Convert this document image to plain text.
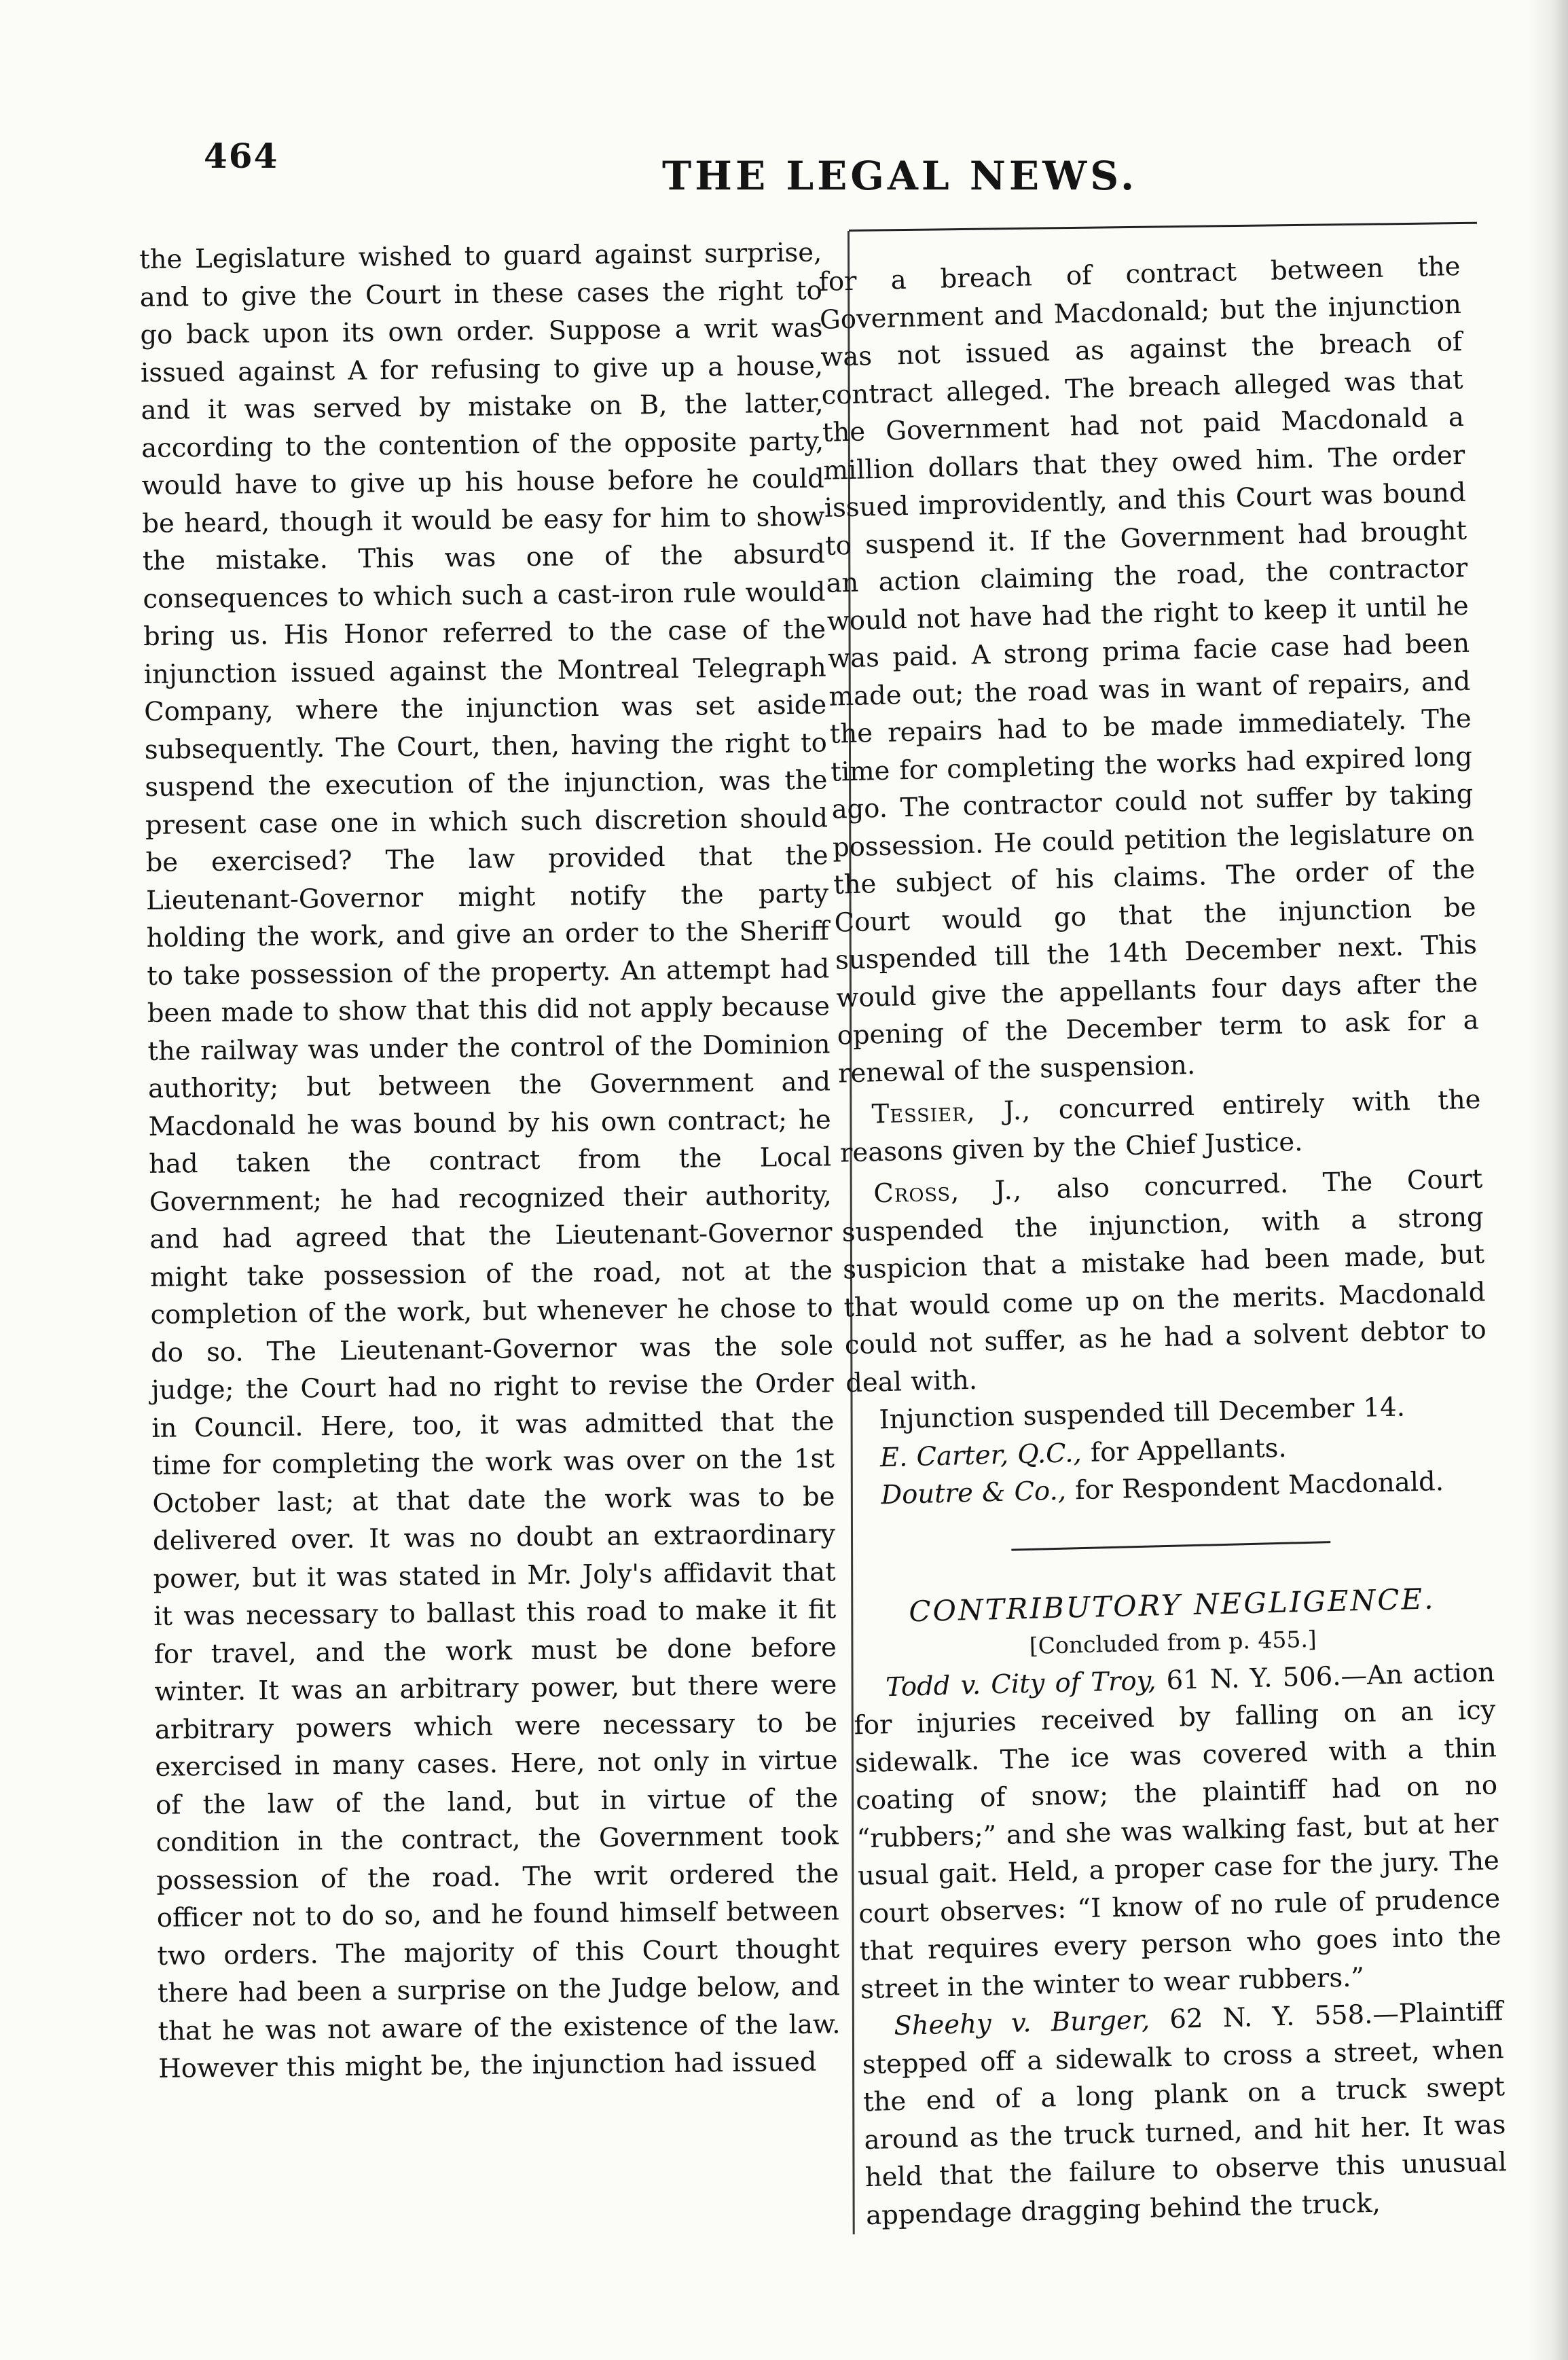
464	THE LEGAL NEWS.

the Legislature wished to guard against surprise, and to give the Court in these cases the right to go back upon its own order. Suppose a writ was issued against A for refusing to give up a house, and it was served by mistake on B, the latter, according to the contention of the opposite party, would have to give up his house before he could be heard, though it would be easy for him to show the mistake. This was one of the absurd consequences to which such a cast-iron rule would bring us. His Honor referred to the case of the injunction issued against the Montreal Telegraph Company, where the injunction was set aside subsequently. The Court, then, having the right to suspend the execution of the injunction, was the present case one in which such discretion should be exercised? The law provided that the Lieutenant-Governor might notify the party holding the work, and give an order to the Sheriff to take possession of the property. An attempt had been made to show that this did not apply because the railway was under the control of the Dominion authority; but between the Government and Macdonald he was bound by his own contract; he had taken the contract from the Local Government; he had recognized their authority, and had agreed that the Lieutenant-Governor might take possession of the road, not at the completion of the work, but whenever he chose to do so. The Lieutenant-Governor was the sole judge; the Court had no right to revise the Order in Council. Here, too, it was admitted that the time for completing the work was over on the 1st October last; at that date the work was to be delivered over. It was no doubt an extraordinary power, but it was stated in Mr. Joly's affidavit that it was necessary to ballast this road to make it fit for travel, and the work must be done before winter. It was an arbitrary power, but there were arbitrary powers which were necessary to be exercised in many cases. Here, not only in virtue of the law of the land, but in virtue of the condition in the contract, the Government took possession of the road. The writ ordered the officer not to do so, and he found himself between two orders. The majority of this Court thought there had been a surprise on the Judge below, and that he was not aware of the existence of the law. However this might be, the injunction had issued

for a breach of contract between the Government and Macdonald; but the injunction was not issued as against the breach of contract alleged. The breach alleged was that the Government had not paid Macdonald a million dollars that they owed him. The order issued improvidently, and this Court was bound to suspend it. If the Government had brought an action claiming the road, the contractor would not have had the right to keep it until he was paid. A strong prima facie case had been made out; the road was in want of repairs, and the repairs had to be made immediately. The time for completing the works had expired long ago. The contractor could not suffer by taking possession. He could petition the legislature on the subject of his claims. The order of the Court would go that the injunction be suspended till the 14th December next. This would give the appellants four days after the opening of the December term to ask for a renewal of the suspension.

Tessier, J., concurred entirely with the reasons given by the Chief Justice.

Cross, J., also concurred. The Court suspended the injunction, with a strong suspicion that a mistake had been made, but that would come up on the merits. Macdonald could not suffer, as he had a solvent debtor to deal with.

Injunction suspended till December 14.

E. Carter, Q.C., for Appellants.

Doutre & Co., for Respondent Macdonald.

CONTRIBUTORY NEGLIGENCE.

[Concluded from p. 455.]

Todd v. City of Troy, 61 N. Y. 506.—An action for injuries received by falling on an icy sidewalk. The ice was covered with a thin coating of snow; the plaintiff had on no “rubbers;” and she was walking fast, but at her usual gait. Held, a proper case for the jury. The court observes: “I know of no rule of prudence that requires every person who goes into the street in the winter to wear rubbers.”

Sheehy v. Burger, 62 N. Y. 558.—Plaintiff stepped off a sidewalk to cross a street, when the end of a long plank on a truck swept around as the truck turned, and hit her. It was held that the failure to observe this unusual appendage dragging behind the truck,
